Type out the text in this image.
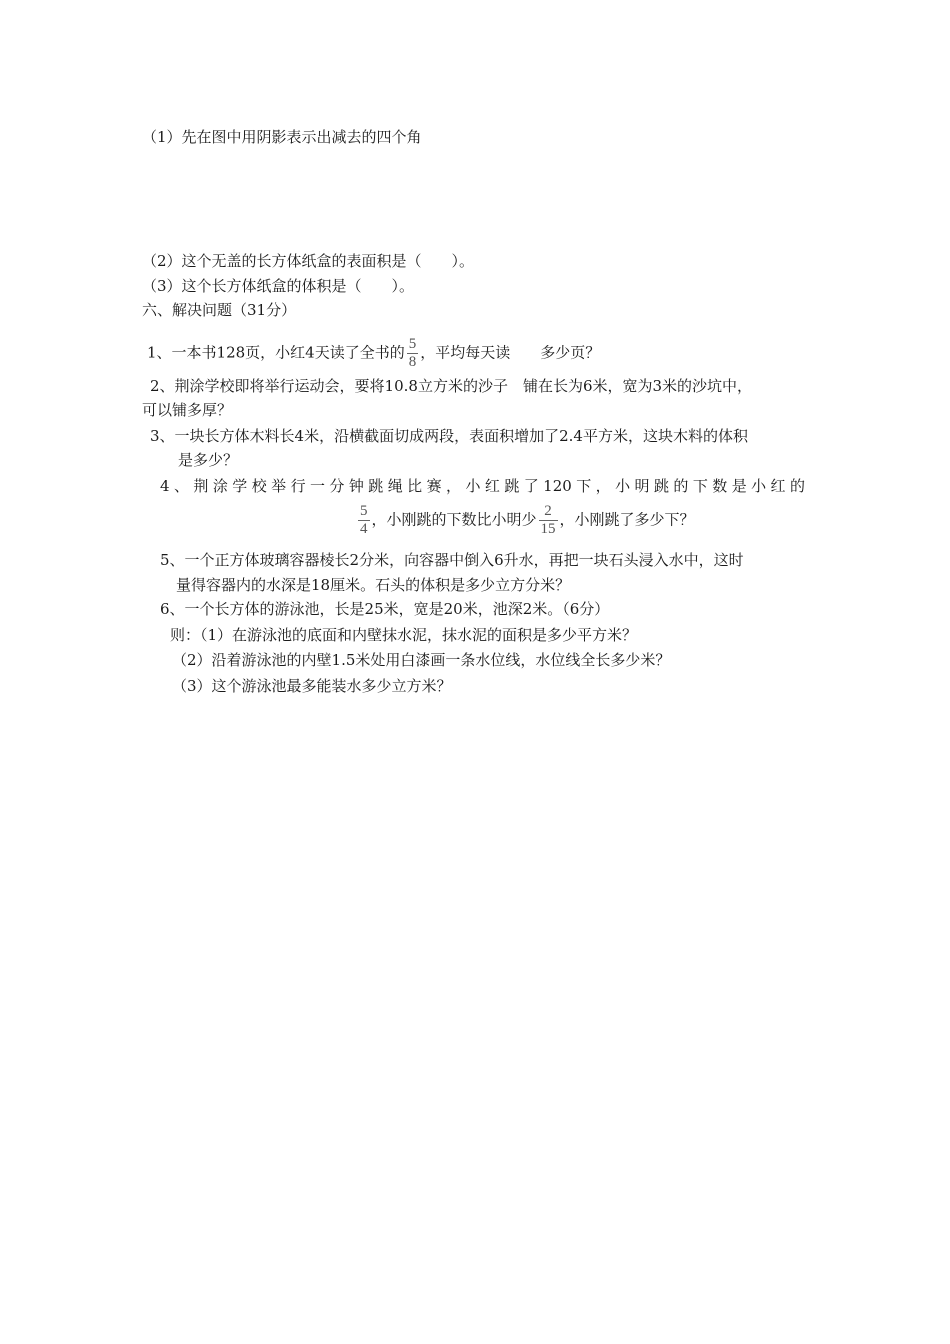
（1）先在图中用阴影表示出减去的四个角
（2）这个无盖的长方体纸盒的表面积是（　　）。
（3）这个长方体纸盒的体积是（　　）。
六、解决问题（31分）
1、一本书128页，小红4天读了全书的 $\frac{5}{8}$ ，平均每天读　　多少页？
2、荆涂学校即将举行运动会，要将10.8立方米的沙子　铺在长为6米，宽为3米的沙坑中，
可以铺多厚？
3、一块长方体木料长4米，沿横截面切成两段，表面积增加了2.4平方米，这块木料的体积
是多少？
4、荆涂学校举行一分钟跳绳比赛，小红跳了120下，小明跳的下数是小红的
$\frac{5}{4}$ ，小刚跳的下数比小明少 $\frac{2}{15}$ ，小刚跳了多少下？
5、一个正方体玻璃容器棱长2分米，向容器中倒入6升水，再把一块石头浸入水中，这时
量得容器内的水深是18厘米。石头的体积是多少立方分米？
6、一个长方体的游泳池，长是25米，宽是20米，池深2米。（6分）
则：（1）在游泳池的底面和内壁抹水泥，抹水泥的面积是多少平方米？
（2）沿着游泳池的内壁1.5米处用白漆画一条水位线，水位线全长多少米？
（3）这个游泳池最多能装水多少立方米？
